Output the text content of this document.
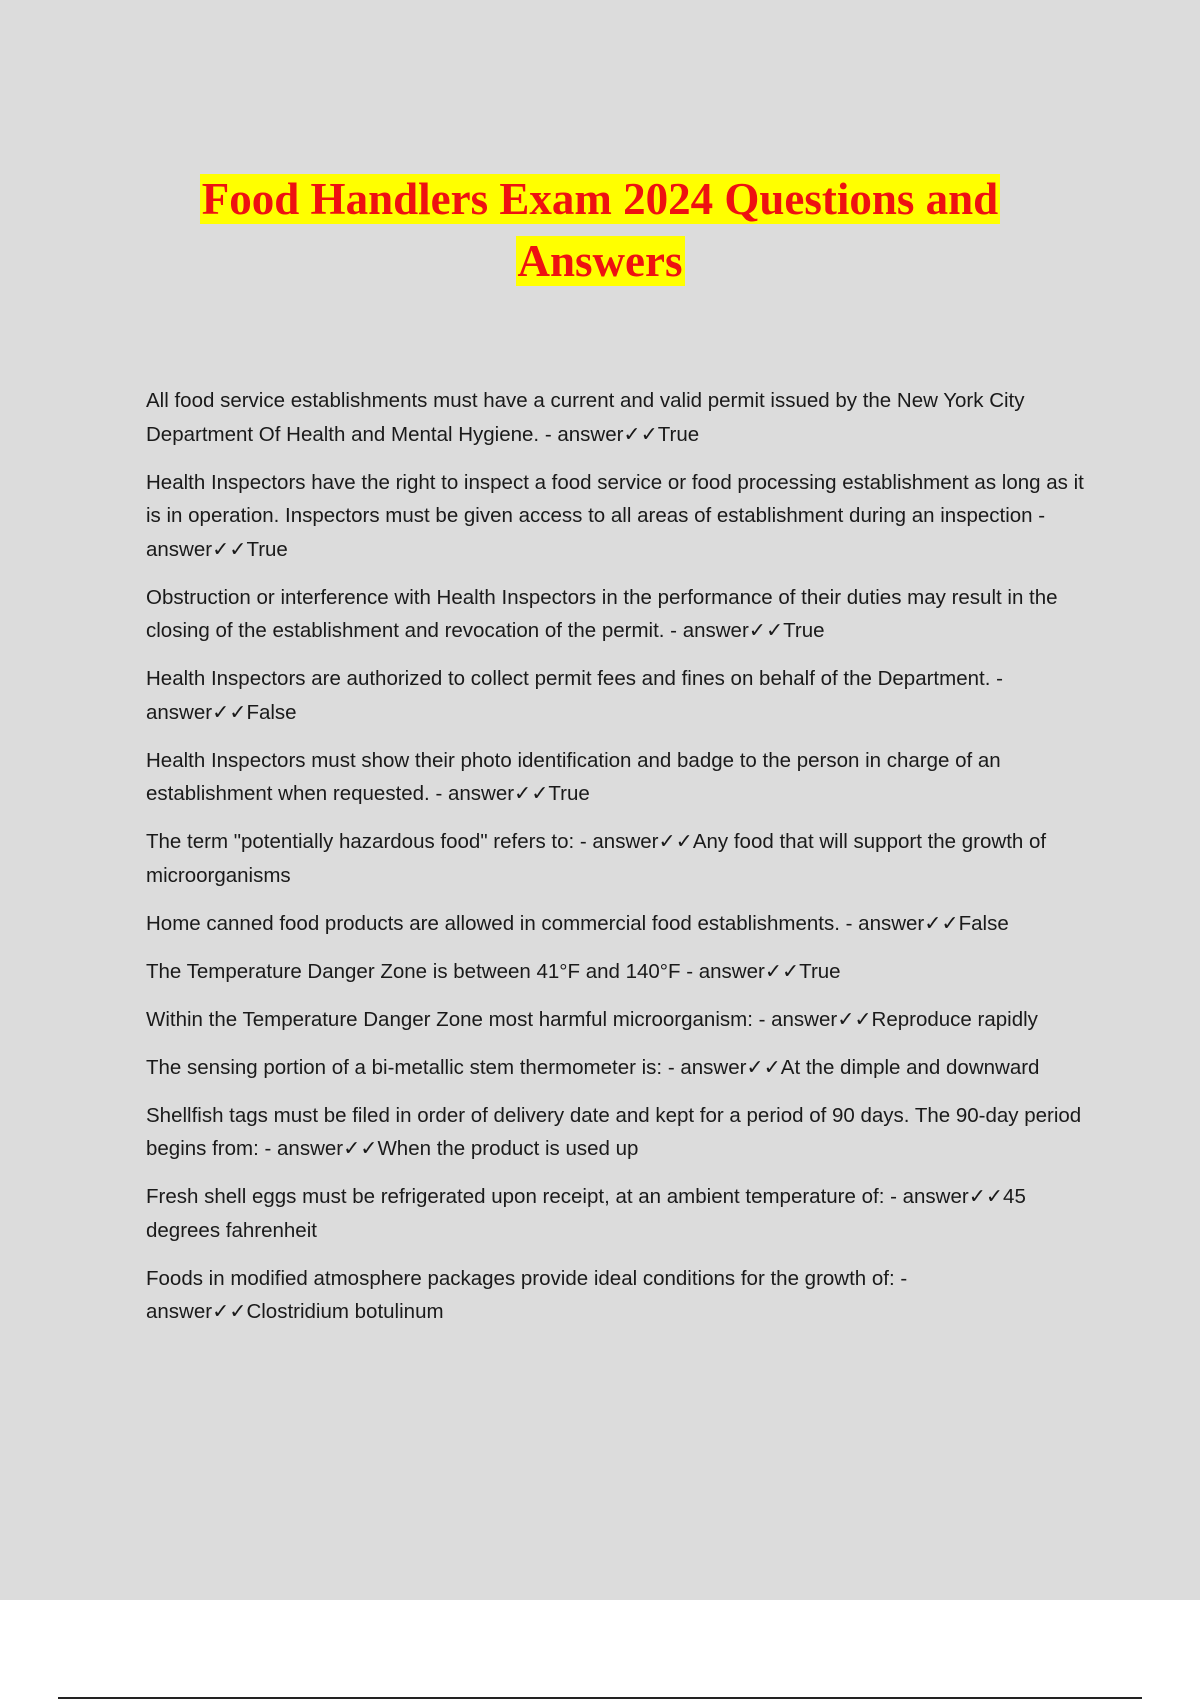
Food Handlers Exam 2024 Questions and
Answers

All food service establishments must have a current and valid permit issued by the New York City Department Of Health and Mental Hygiene. - answer✓✓True

Health Inspectors have the right to inspect a food service or food processing establishment as long as it is in operation. Inspectors must be given access to all areas of establishment during an inspection - answer✓✓True

Obstruction or interference with Health Inspectors in the performance of their duties may result in the closing of the establishment and revocation of the permit. - answer✓✓True

Health Inspectors are authorized to collect permit fees and fines on behalf of the Department. - answer✓✓False

Health Inspectors must show their photo identification and badge to the person in charge of an establishment when requested. - answer✓✓True

The term "potentially hazardous food" refers to: - answer✓✓Any food that will support the growth of microorganisms

Home canned food products are allowed in commercial food establishments. - answer✓✓False

The Temperature Danger Zone is between 41°F and 140°F - answer✓✓True

Within the Temperature Danger Zone most harmful microorganism: - answer✓✓Reproduce rapidly

The sensing portion of a bi-metallic stem thermometer is: - answer✓✓At the dimple and downward

Shellfish tags must be filed in order of delivery date and kept for a period of 90 days. The 90-day period begins from: - answer✓✓When the product is used up

Fresh shell eggs must be refrigerated upon receipt, at an ambient temperature of: - answer✓✓45 degrees fahrenheit

Foods in modified atmosphere packages provide ideal conditions for the growth of: - answer✓✓Clostridium botulinum
